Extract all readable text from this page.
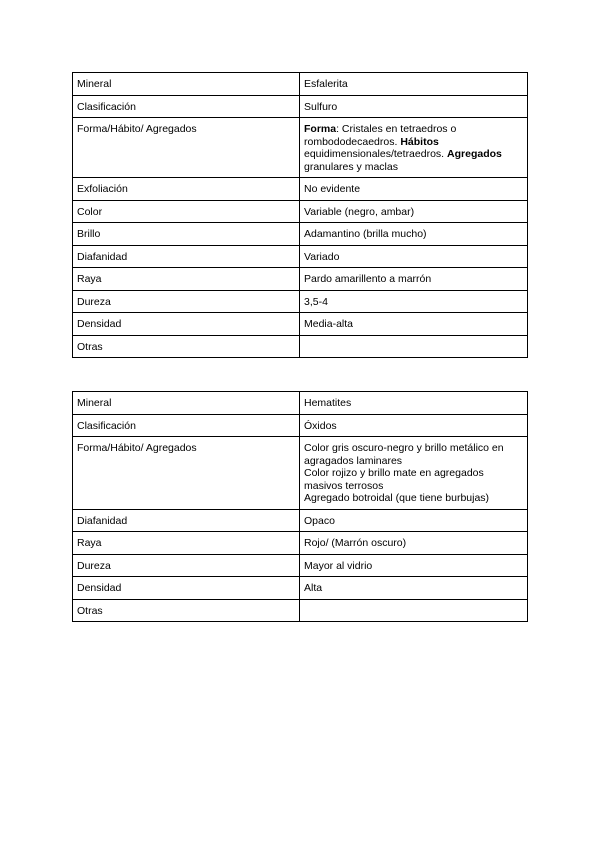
Mineral	Esfalerita
Clasificación	Sulfuro
Forma/Hábito/ Agregados	Forma: Cristales en tetraedros o rombododecaedros. Hábitos equidimensionales/tetraedros. Agregados granulares y maclas
Exfoliación	No evidente
Color	Variable (negro, ambar)
Brillo	Adamantino (brilla mucho)
Diafanidad	Variado
Raya	Pardo amarillento a marrón
Dureza	3,5-4
Densidad	Media-alta
Otras	
Mineral	Hematites
Clasificación	Óxidos
Forma/Hábito/ Agregados	Color gris oscuro-negro y brillo metálico en agragados laminares
Color rojizo y brillo mate en agregados masivos terrosos
Agregado botroidal (que tiene burbujas)

Diafanidad	Opaco
Raya	Rojo/ (Marrón oscuro)
Dureza	Mayor al vidrio
Densidad	Alta
Otras	
